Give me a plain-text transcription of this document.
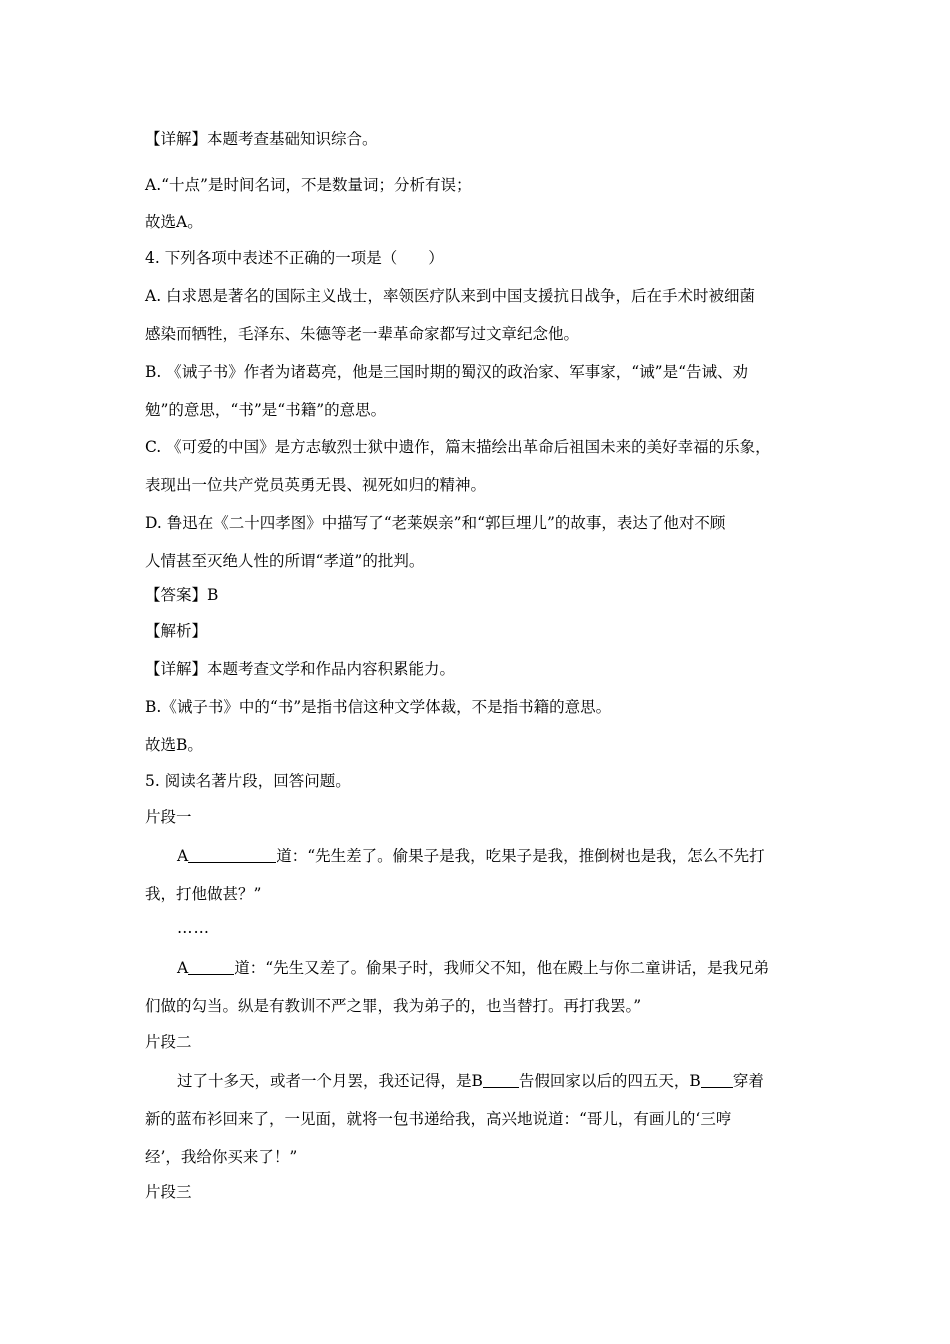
【详解】本题考查基础知识综合。
A.“十点”是时间名词，不是数量词；分析有误；
故选A。
4. 下列各项中表述不正确的一项是（　　）
A. 白求恩是著名的国际主义战士，率领医疗队来到中国支援抗日战争，后在手术时被细菌
感染而牺牲，毛泽东、朱德等老一辈革命家都写过文章纪念他。
B. 《诫子书》作者为诸葛亮，他是三国时期的蜀汉的政治家、军事家，“诫”是“告诫、劝
勉”的意思，“书”是“书籍”的意思。
C. 《可爱的中国》是方志敏烈士狱中遗作，篇末描绘出革命后祖国未来的美好幸福的乐象，
表现出一位共产党员英勇无畏、视死如归的精神。
D. 鲁迅在《二十四孝图》中描写了“老莱娱亲”和“郭巨埋儿”的故事，表达了他对不顾
人情甚至灭绝人性的所谓“孝道”的批判。
【答案】B
【解析】
【详解】本题考查文学和作品内容积累能力。
B.《诫子书》中的“书”是指书信这种文学体裁，不是指书籍的意思。
故选B。
5. 阅读名著片段，回答问题。
片段一
A	道：“先生差了。偷果子是我，吃果子是我，推倒树也是我，怎么不先打
我，打他做甚？”
……
A	道：“先生又差了。偷果子时，我师父不知，他在殿上与你二童讲话，是我兄弟
们做的勾当。纵是有教训不严之罪，我为弟子的，也当替打。再打我罢。”
片段二
过了十多天，或者一个月罢，我还记得，是B 告假回家以后的四五天，B 穿着
新的蓝布衫回来了，一见面，就将一包书递给我，高兴地说道：“哥儿，有画儿的‘三哼
经’，我给你买来了！”
片段三
